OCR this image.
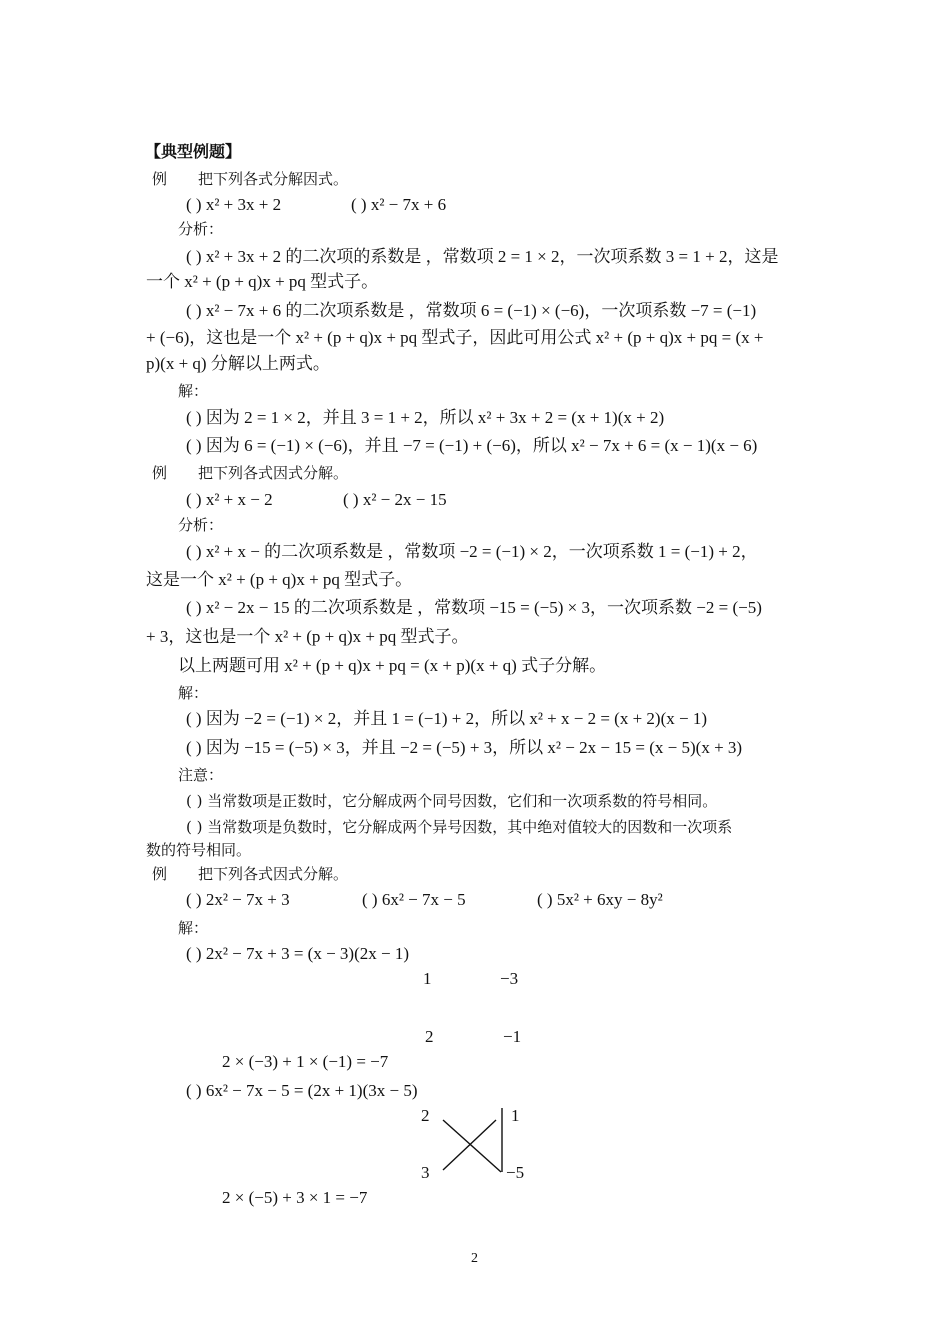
【典型例题】
例 把下列各式分解因式。
( ) x² + 3x + 2	( ) x² − 7x + 6
分析：
( ) x² + 3x + 2 的二次项的系数是 ，常数项 2 = 1 × 2，一次项系数 3 = 1 + 2，这是
一个 x² + (p + q)x + pq 型式子。
( ) x² − 7x + 6 的二次项系数是 ，常数项 6 = (−1) × (−6)，一次项系数 −7 = (−1)
+ (−6)，这也是一个 x² + (p + q)x + pq 型式子，因此可用公式 x² + (p + q)x + pq = (x +
p)(x + q) 分解以上两式。
解：
( ) 因为 2 = 1 × 2，并且 3 = 1 + 2，所以 x² + 3x + 2 = (x + 1)(x + 2)
( ) 因为 6 = (−1) × (−6)，并且 −7 = (−1) + (−6)，所以 x² − 7x + 6 = (x − 1)(x − 6)
例 把下列各式因式分解。
( ) x² + x − 2	( ) x² − 2x − 15
分析：
( ) x² + x − 的二次项系数是 ，常数项 −2 = (−1) × 2，一次项系数 1 = (−1) + 2，
这是一个 x² + (p + q)x + pq 型式子。
( ) x² − 2x − 15 的二次项系数是 ，常数项 −15 = (−5) × 3，一次项系数 −2 = (−5)
+ 3，这也是一个 x² + (p + q)x + pq 型式子。
以上两题可用 x² + (p + q)x + pq = (x + p)(x + q) 式子分解。
解：
( ) 因为 −2 = (−1) × 2，并且 1 = (−1) + 2，所以 x² + x − 2 = (x + 2)(x − 1)
( ) 因为 −15 = (−5) × 3，并且 −2 = (−5) + 3，所以 x² − 2x − 15 = (x − 5)(x + 3)
注意：
( ) 当常数项是正数时，它分解成两个同号因数，它们和一次项系数的符号相同。
( ) 当常数项是负数时，它分解成两个异号因数，其中绝对值较大的因数和一次项系
数的符号相同。
例 把下列各式因式分解。
( ) 2x² − 7x + 3	( ) 6x² − 7x − 5	( ) 5x² + 6xy − 8y²
解：
( ) 2x² − 7x + 3 = (x − 3)(2x − 1)
1	−3
2	−1
2 × (−3) + 1 × (−1) = −7
( ) 6x² − 7x − 5 = (2x + 1)(3x − 5)
2	1
3	−5
2 × (−5) + 3 × 1 = −7
2
